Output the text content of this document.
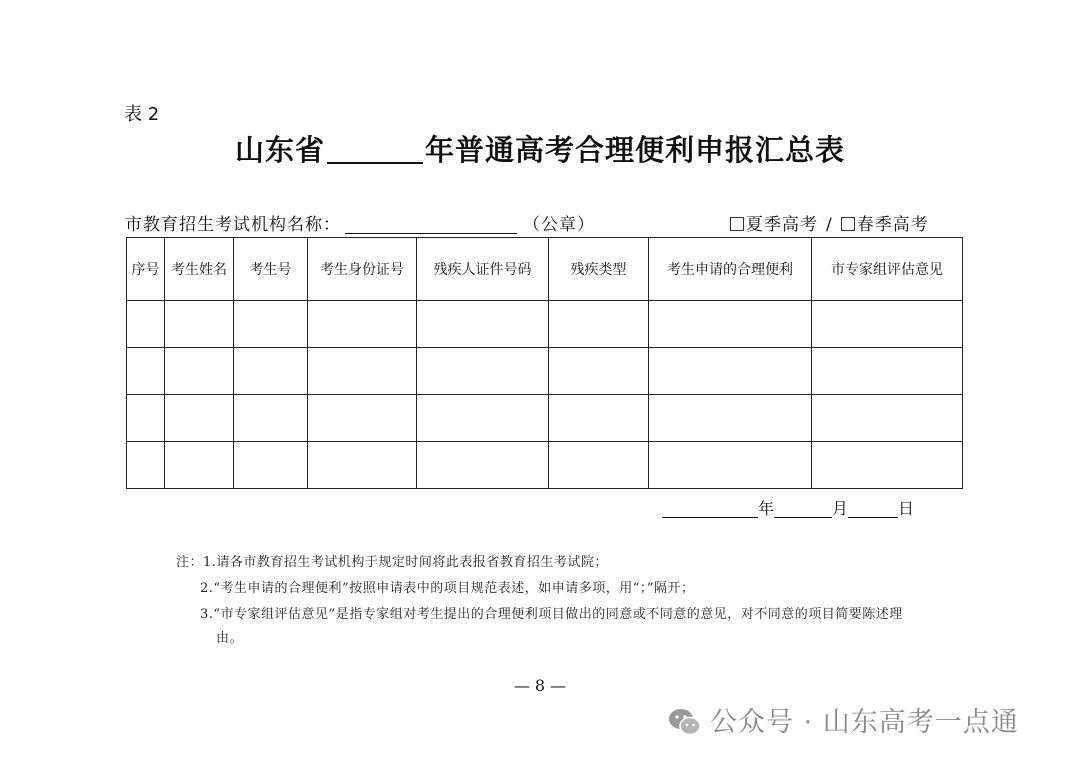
表 2
山东省	年普通高考合理便利申报汇总表
市教育招生考试机构名称：	（公章）	夏季高考 / 春季高考
序号	考生姓名	考生号	考生身份证号	残疾人证件号码	残疾类型	考生申请的合理便利	市专家组评估意见

年	月	日
注：1.请各市教育招生考试机构于规定时间将此表报省教育招生考试院；
2.“考生申请的合理便利”按照申请表中的项目规范表述，如申请多项，用“；”隔开；
3.“市专家组评估意见”是指专家组对考生提出的合理便利项目做出的同意或不同意的意见，对不同意的项目简要陈述理
由。
— 8 —
公众号 · 山东高考一点通
